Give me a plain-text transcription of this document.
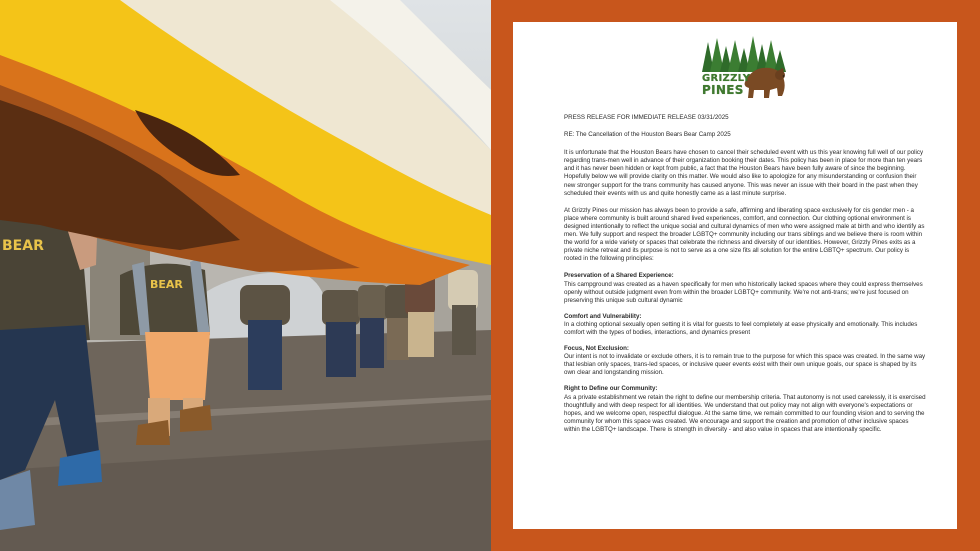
BEAR
BEAR
GRIZZLY
PINES
PRESS RELEASE FOR IMMEDIATE RELEASE 03/31/2025
RE: The Cancellation of the Houston Bears Bear Camp 2025
It is unfortunate that the Houston Bears have chosen to cancel their scheduled event with us this year knowing full well of our policy regarding trans-men well in advance of their organization booking their dates. This policy has been in place for more than ten years and it has never been hidden or kept from public, a fact that the Houston Bears have been fully aware of since the beginning. Hopefully below we will provide clarity on this matter. We would also like to apologize for any misunderstanding or confusion their new stronger support for the trans community has caused anyone. This was never an issue with their board in the past when they scheduled their events with us and quite honestly came as a last minute surprise.
At Grizzly Pines our mission has always been to provide a safe, affirming and liberating space exclusively for cis gender men - a place where community is built around shared lived experiences, comfort, and connection. Our clothing optional environment is designed intentionally to reflect the unique social and cultural dynamics of men who were assigned male at birth and who identify as men. We fully support and respect the broader LGBTQ+ community including our trans siblings and we believe there is room within the world for a wide variety or spaces that celebrate the richness and diversity of our identities. However, Grizzly Pines exits as a private niche retreat and its purpose is not to serve as a one size fits all solution for the entire LGBTQ+ spectrum. Our policy is rooted in the following principles:
Preservation of a Shared Experience:
This campground was created as a haven specifically for men who historically lacked spaces where they could express themselves openly without outside judgment even from within the broader LGBTQ+ community. We're not anti-trans; we're just focused on preserving this unique sub cultural dynamic
Comfort and Vulnerability:
In a clothing optional sexually open setting it is vital for guests to feel completely at ease physically and emotionally. This includes comfort with the types of bodies, interactions, and dynamics present
Focus, Not Exclusion:
Our intent is not to invalidate or exclude others, it is to remain true to the purpose for which this space was created. In the same way that lesbian only spaces, trans-led spaces, or inclusive queer events exist with their own unique goals, our space is shaped by its own clear and longstanding mission.
Right to Define our Community:
As a private establishment we retain the right to define our membership criteria. That autonomy is not used carelessly, it is exercised thoughtfully and with deep respect for all identities. We understand that out policy may not align with everyone's expectations or hopes, and we welcome open, respectful dialogue. At the same time, we remain committed to our founding vision and to serving the community for whom this space was created. We encourage and support the creation and promotion of other inclusive spaces within the LGBTQ+ landscape. There is strength in diversity - and also value in spaces that are intentionally specific.
